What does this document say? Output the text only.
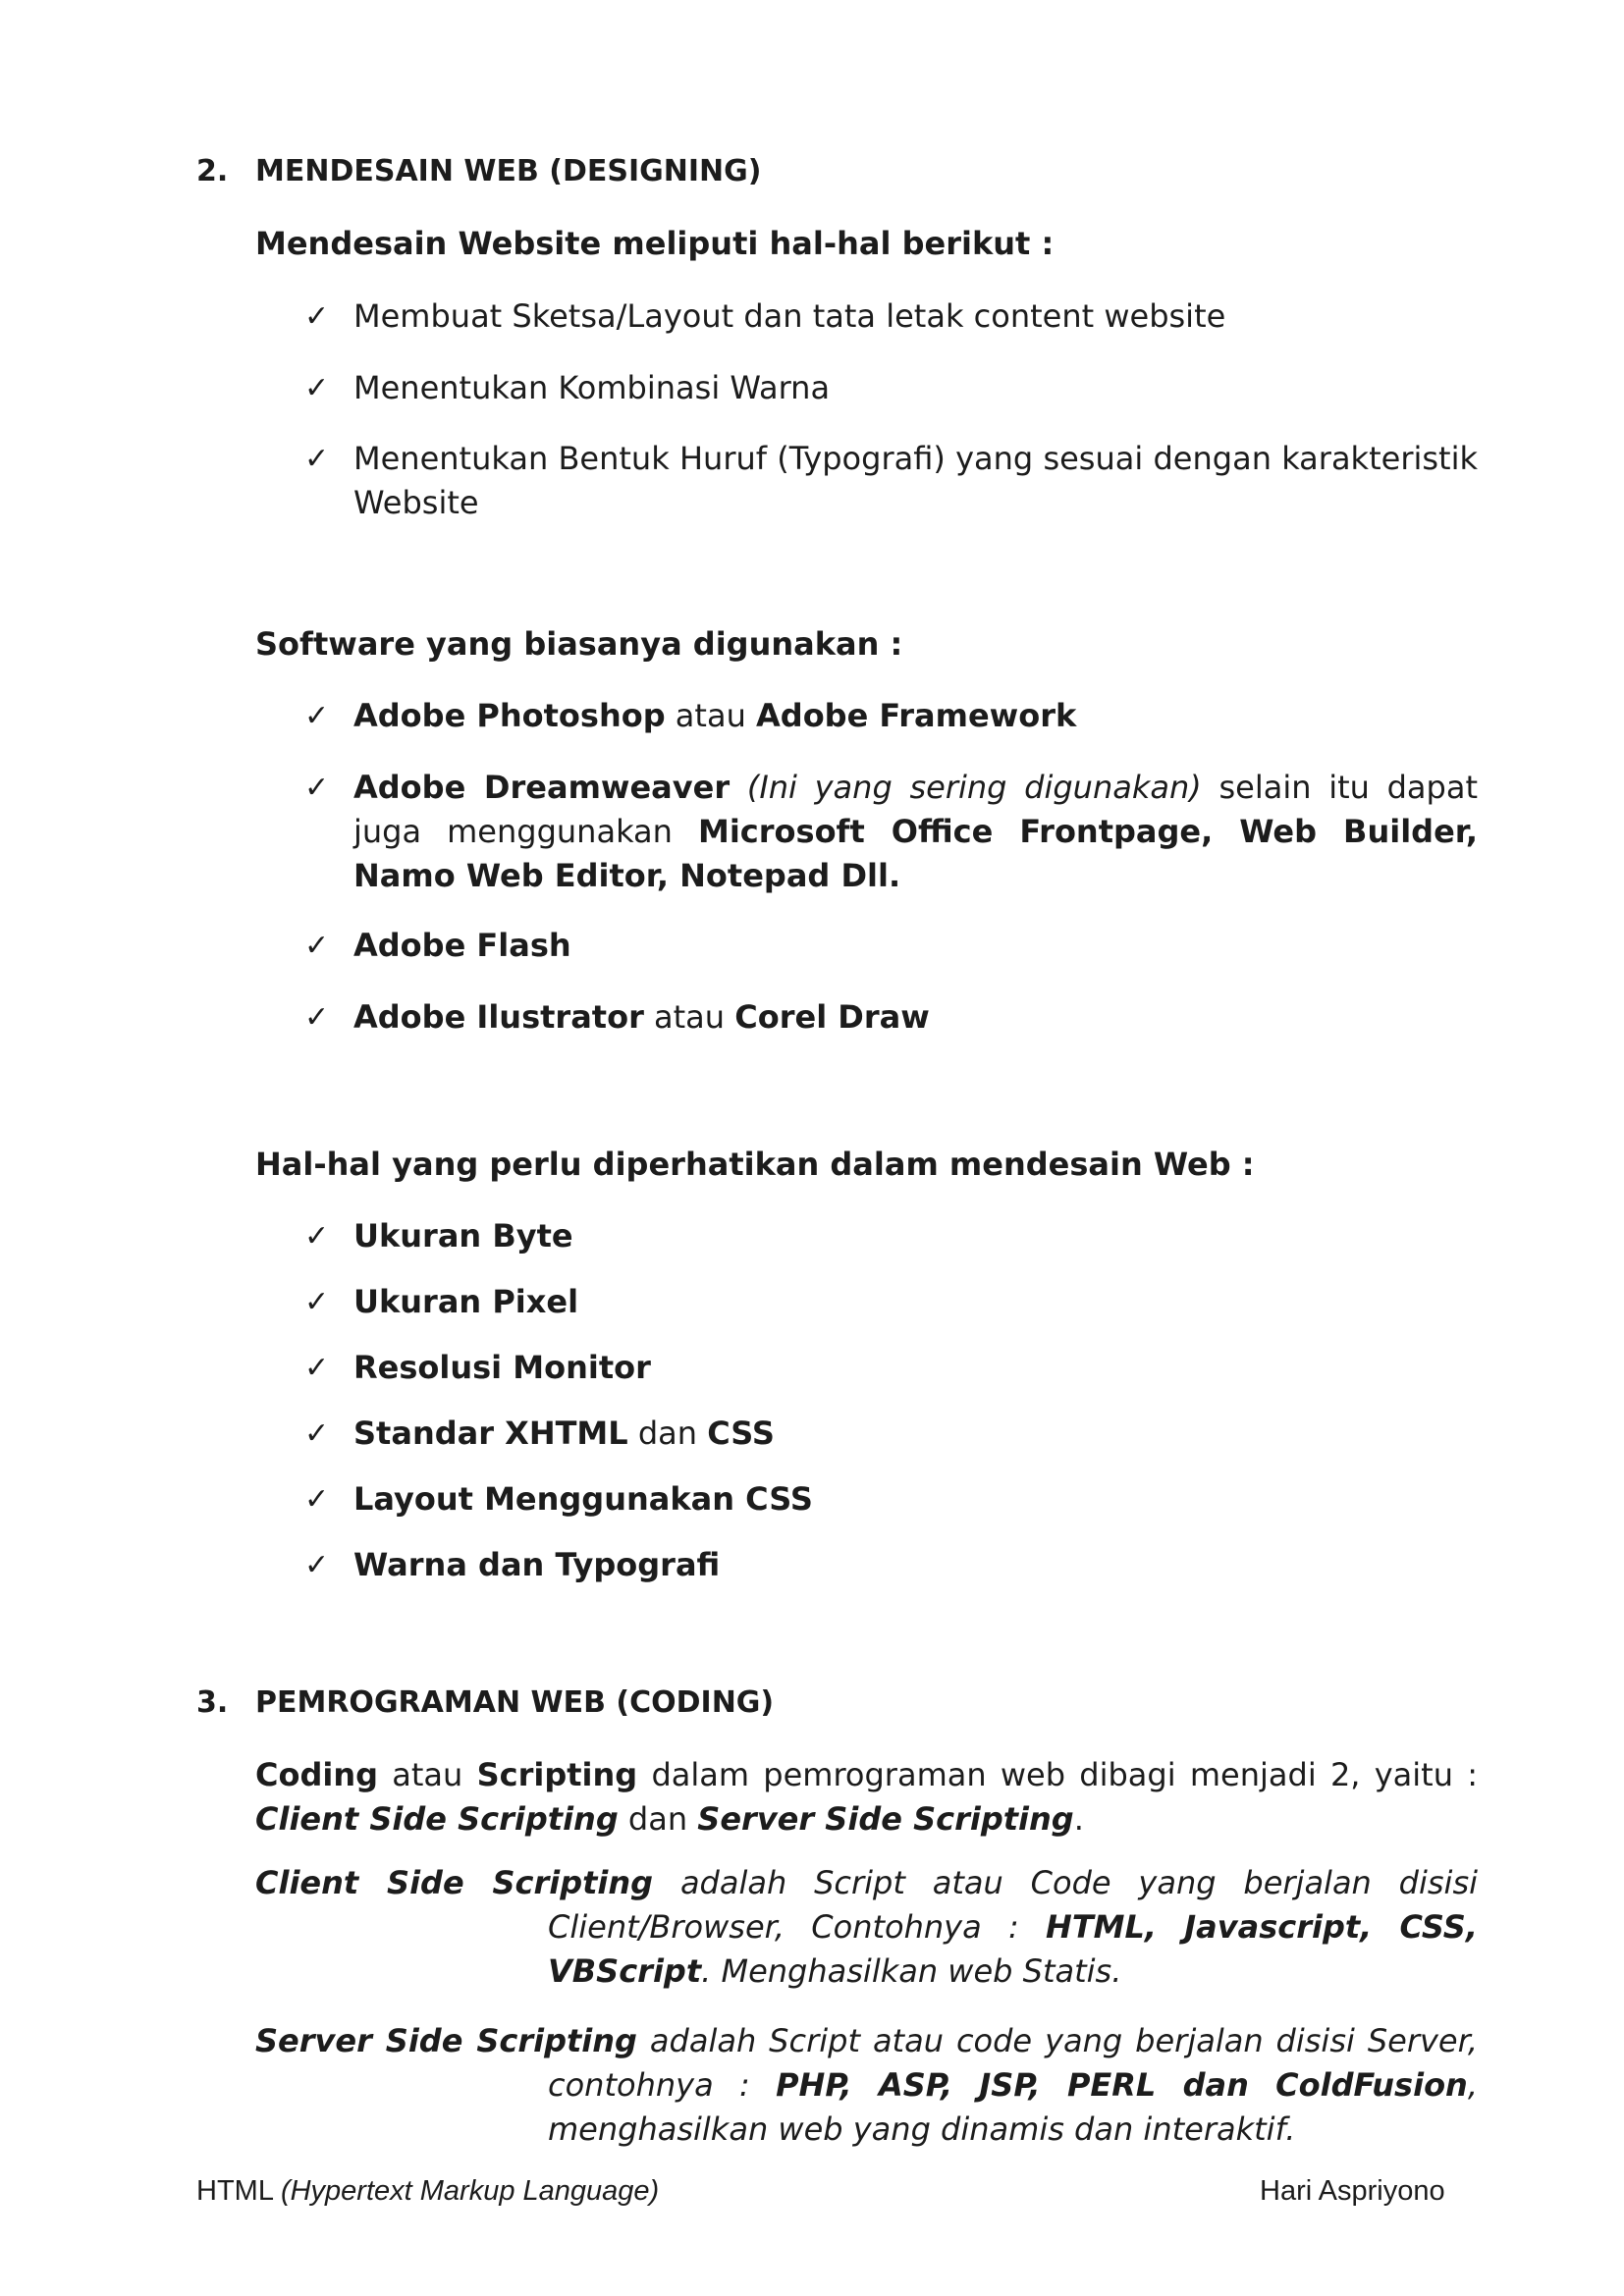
2. MENDESAIN WEB (DESIGNING)
Mendesain Website meliputi hal-hal berikut :
✓ Membuat Sketsa/Layout dan tata letak content website
✓ Menentukan Kombinasi Warna
✓ Menentukan Bentuk Huruf (Typografi) yang sesuai dengan karakteristik Website
Software yang biasanya digunakan :
✓ Adobe Photoshop atau Adobe Framework
✓ Adobe Dreamweaver (Ini yang sering digunakan) selain itu dapat juga menggunakan Microsoft Office Frontpage, Web Builder, Namo Web Editor, Notepad Dll.
✓ Adobe Flash
✓ Adobe Ilustrator atau Corel Draw
Hal-hal yang perlu diperhatikan dalam mendesain Web :
✓ Ukuran Byte
✓ Ukuran Pixel
✓ Resolusi Monitor
✓ Standar XHTML dan CSS
✓ Layout Menggunakan CSS
✓ Warna dan Typografi
3. PEMROGRAMAN WEB (CODING)
Coding atau Scripting dalam pemrograman web dibagi menjadi 2, yaitu : Client Side Scripting dan Server Side Scripting.
Client Side Scripting adalah Script atau Code yang berjalan disisi
Client/Browser, Contohnya : HTML, Javascript, CSS, VBScript. Menghasilkan web Statis.
Server Side Scripting adalah Script atau code yang berjalan disisi Server,
contohnya : PHP, ASP, JSP, PERL dan ColdFusion, menghasilkan web yang dinamis dan interaktif.
HTML (Hypertext Markup Language)	Hari Aspriyono
